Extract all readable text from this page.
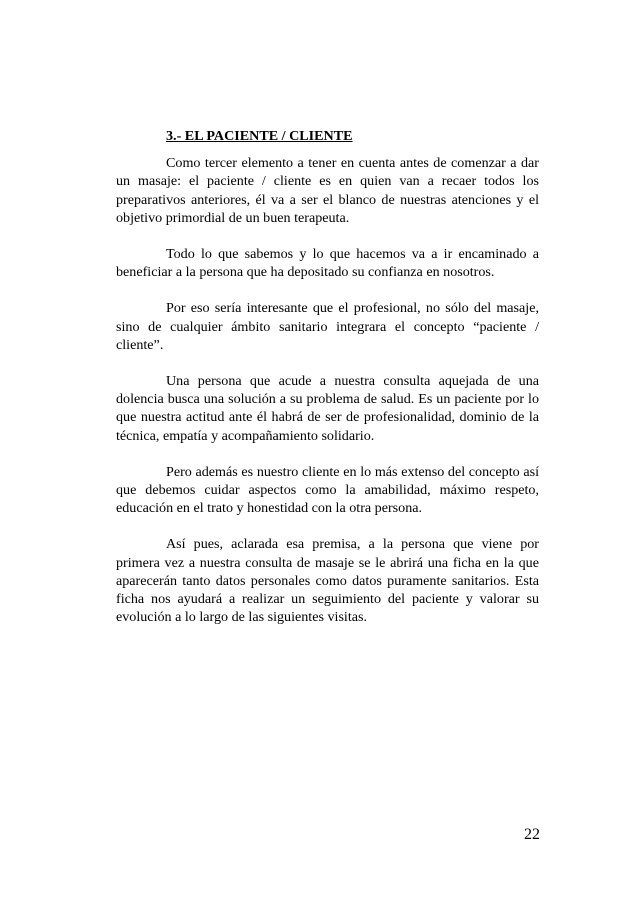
3.- EL PACIENTE / CLIENTE

Como tercer elemento a tener en cuenta antes de comenzar a dar un masaje: el paciente / cliente es en quien van a recaer todos los preparativos anteriores, él va a ser el blanco de nuestras atenciones y el objetivo primordial de un buen terapeuta.

Todo lo que sabemos y lo que hacemos va a ir encaminado a beneficiar a la persona que ha depositado su confianza en nosotros.

Por eso sería interesante que el profesional, no sólo del masaje, sino de cualquier ámbito sanitario integrara el concepto “paciente / cliente”.

Una persona que acude a nuestra consulta aquejada de una dolencia busca una solución a su problema de salud. Es un paciente por lo que nuestra actitud ante él habrá de ser de profesionalidad, dominio de la técnica, empatía y acompañamiento solidario.

Pero además es nuestro cliente en lo más extenso del concepto así que debemos cuidar aspectos como la amabilidad, máximo respeto, educación en el trato y honestidad con la otra persona.

Así pues, aclarada esa premisa, a la persona que viene por primera vez a nuestra consulta de masaje se le abrirá una ficha en la que aparecerán tanto datos personales como datos puramente sanitarios. Esta ficha nos ayudará a realizar un seguimiento del paciente y valorar su evolución a lo largo de las siguientes visitas.

22
